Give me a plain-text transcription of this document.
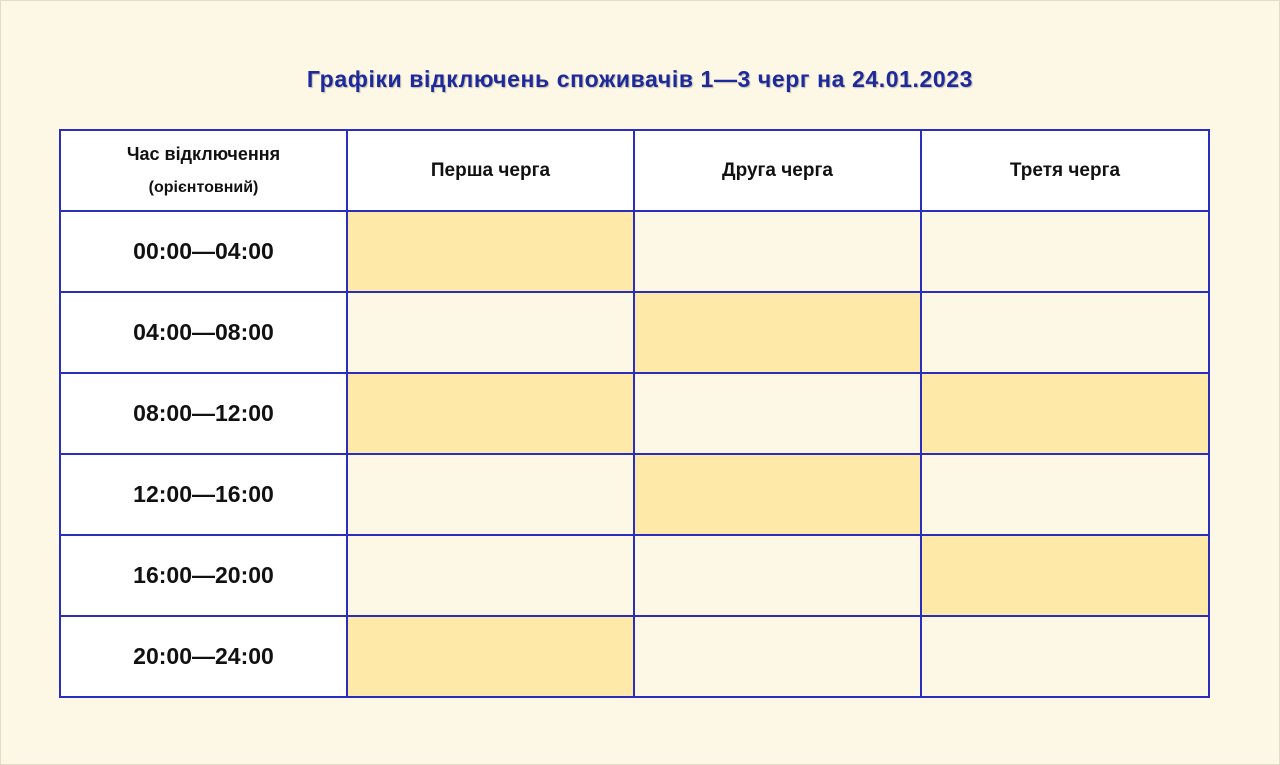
Графіки відключень споживачів 1—3 черг на 24.01.2023
Час відключення
(орієнтовний)	Перша черга	Друга черга	Третя черга
00:00—04:00			
04:00—08:00			
08:00—12:00			
12:00—16:00			
16:00—20:00			
20:00—24:00			
